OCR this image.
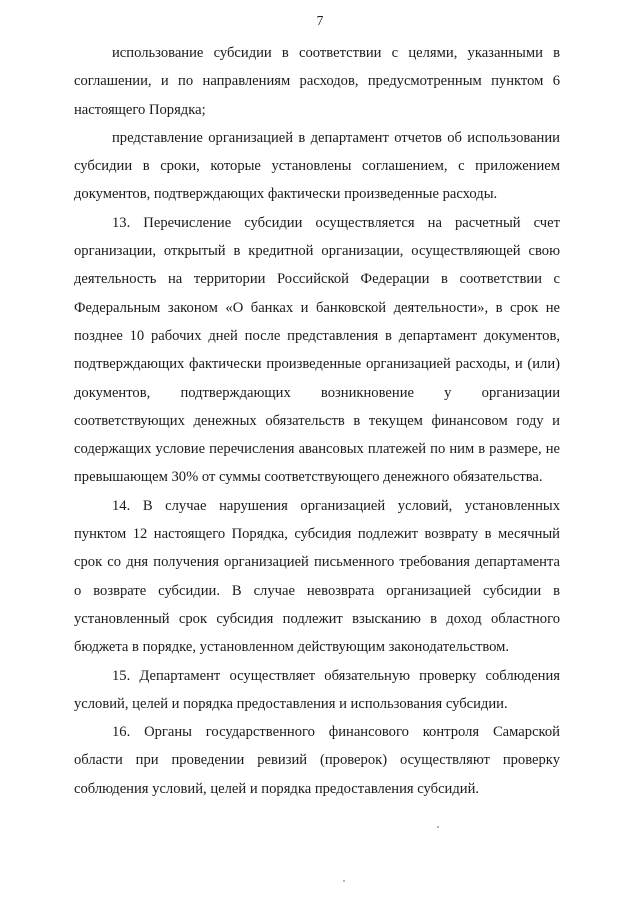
7

использование субсидии в соответствии с целями, указанными в соглашении, и по направлениям расходов, предусмотренным пунктом 6 настоящего Порядка;

представление организацией в департамент отчетов об использовании субсидии в сроки, которые установлены соглашением, с приложением документов, подтверждающих фактически произведенные расходы.

13. Перечисление субсидии осуществляется на расчетный счет организации, открытый в кредитной организации, осуществляющей свою деятельность на территории Российской Федерации в соответствии с Федеральным законом «О банках и банковской деятельности», в срок не позднее 10 рабочих дней после представления в департамент документов, подтверждающих фактически произведенные организацией расходы, и (или) документов, подтверждающих возникновение у организации соответствующих денежных обязательств в текущем финансовом году и содержащих условие перечисления авансовых платежей по ним в размере, не превышающем 30% от суммы соответствующего денежного обязательства.

14. В случае нарушения организацией условий, установленных пунктом 12 настоящего Порядка, субсидия подлежит возврату в месячный срок со дня получения организацией письменного требования департамента о возврате субсидии. В случае невозврата организацией субсидии в установленный срок субсидия подлежит взысканию в доход областного бюджета в порядке, установленном действующим законодательством.

15. Департамент осуществляет обязательную проверку соблюдения условий, целей и порядка предоставления и использования субсидии.

16. Органы государственного финансового контроля Самарской области при проведении ревизий (проверок) осуществляют проверку соблюдения условий, целей и порядка предоставления субсидий.
